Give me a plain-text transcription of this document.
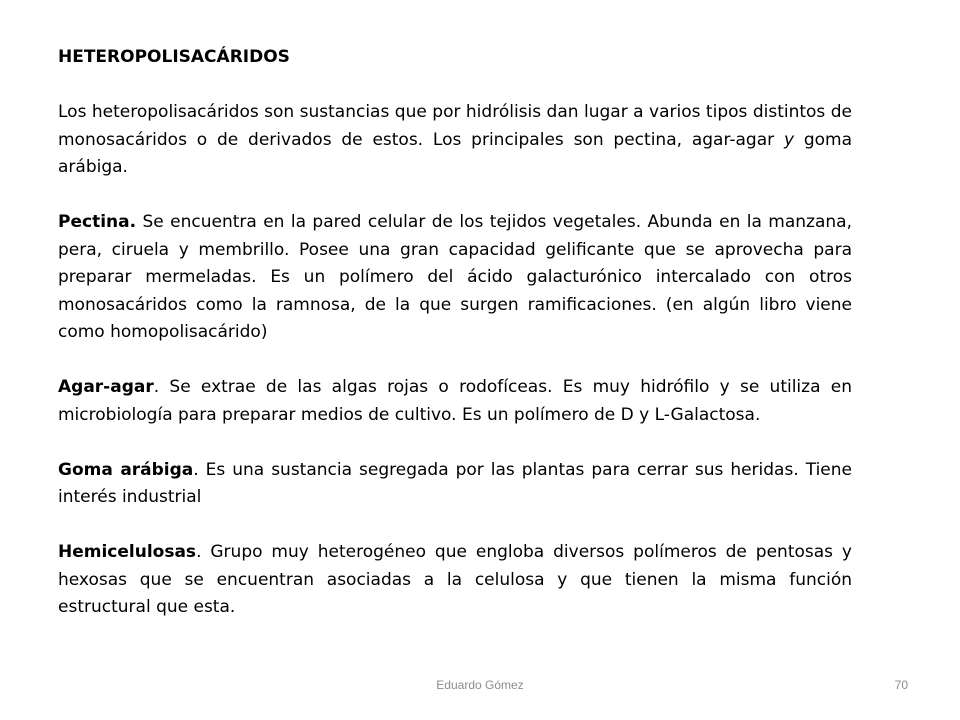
HETEROPOLISACÁRIDOS
Los heteropolisacáridos son sustancias que por hidrólisis dan lugar a varios tipos distintos de monosacáridos o de derivados de estos. Los principales son pectina, agar-agar y goma arábiga.
Pectina. Se encuentra en la pared celular de los tejidos vegetales. Abunda en la manzana, pera, ciruela y membrillo. Posee una gran capacidad gelificante que se aprovecha para preparar mermeladas. Es un polímero del ácido galacturónico intercalado con otros monosacáridos como la ramnosa, de la que surgen ramificaciones. (en algún libro viene como homopolisacárido)
Agar-agar. Se extrae de las algas rojas o rodofíceas. Es muy hidrófilo y se utiliza en microbiología para preparar medios de cultivo. Es un polímero de D y L-Galactosa.
Goma arábiga. Es una sustancia segregada por las plantas para cerrar sus heridas. Tiene interés industrial
Hemicelulosas. Grupo muy heterogéneo que engloba diversos polímeros de pentosas y hexosas que se encuentran asociadas a la celulosa y que tienen la misma función estructural que esta.
Eduardo Gómez	70
